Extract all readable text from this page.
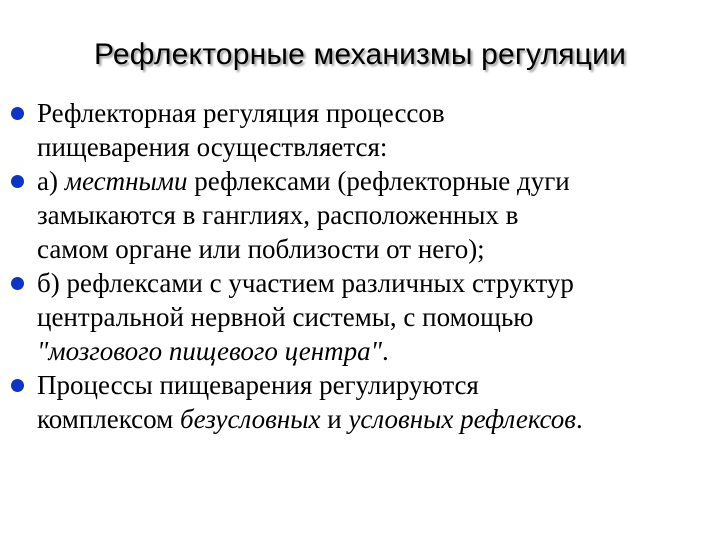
Рефлекторные механизмы регуляции
Рефлекторная регуляция процессов
пищеварения осуществляется:
а) местными рефлексами (рефлекторные дуги
замыкаются в ганглиях, расположенных в
самом органе или поблизости от него);
б) рефлексами с участием различных структур
центральной нервной системы, с помощью
"мозгового пищевого центра".
Процессы пищеварения регулируются
комплексом безусловных и условных рефлексов.
